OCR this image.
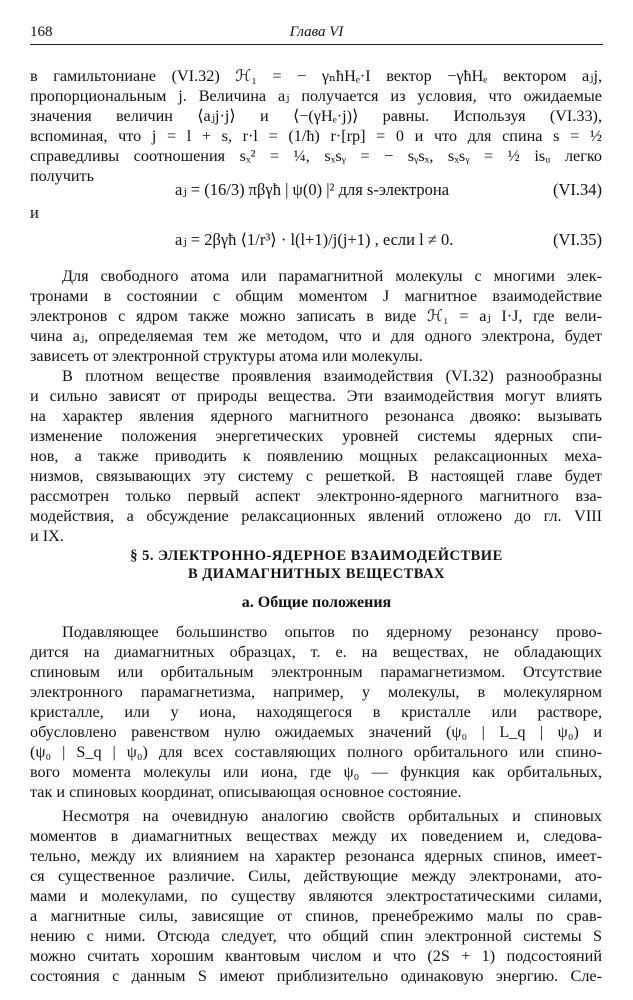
168	Глава VI
в гамильтониане (VI.32) ℋ₁ = − γₙħHₑ·I вектор −γħHₑ вектором aⱼj,
пропорциональным j. Величина aⱼ получается из условия, что ожидаемые
значения величин ⟨aⱼj·j⟩ и ⟨−(γHₑ·j)⟩ равны. Используя (VI.33),
вспоминая, что j = l + s, r·l = (1/ħ) r·[rp] = 0 и что для спина s = ½
справедливы соотношения sₓ² = ¼, sₓsᵧ = − sᵧsₓ, sₓsᵧ = ½ isᵤ легко
получить
aⱼ = (16/3) πβγħ | ψ(0) |² для s-электрона	(VI.34)
и
aⱼ = 2βγħ ⟨1/r³⟩ · l(l+1)/j(j+1) , если l ≠ 0.	(VI.35)
Для свободного атома или парамагнитной молекулы с многими элек-
тронами в состоянии с общим моментом J магнитное взаимодействие
электронов с ядром также можно записать в виде ℋ₁ = aⱼ I·J, где вели-
чина aⱼ, определяемая тем же методом, что и для одного электрона, будет
зависеть от электронной структуры атома или молекулы.
В плотном веществе проявления взаимодействия (VI.32) разнообразны
и сильно зависят от природы вещества. Эти взаимодействия могут влиять
на характер явления ядерного магнитного резонанса двояко: вызывать
изменение положения энергетических уровней системы ядерных спи-
нов, а также приводить к появлению мощных релаксационных меха-
низмов, связывающих эту систему с решеткой. В настоящей главе будет
рассмотрен только первый аспект электронно-ядерного магнитного вза-
модействия, а обсуждение релаксационных явлений отложено до гл. VIII
и IX.
§ 5. ЭЛЕКТРОННО-ЯДЕРНОЕ ВЗАИМОДЕЙСТВИЕ
В ДИАМАГНИТНЫХ ВЕЩЕСТВАХ
а. Общие положения
Подавляющее большинство опытов по ядерному резонансу прово-
дится на диамагнитных образцах, т. е. на веществах, не обладающих
спиновым или орбитальным электронным парамагнетизмом. Отсутствие
электронного парамагнетизма, например, у молекулы, в молекулярном
кристалле, или у иона, находящегося в кристалле или растворе,
обусловлено равенством нулю ожидаемых значений (ψ₀ | L_q | ψ₀) и
(ψ₀ | S_q | ψ₀) для всех составляющих полного орбитального или спино-
вого момента молекулы или иона, где ψ₀ — функция как орбитальных,
так и спиновых координат, описывающая основное состояние.
Несмотря на очевидную аналогию свойств орбитальных и спиновых
моментов в диамагнитных веществах между их поведением и, следова-
тельно, между их влиянием на характер резонанса ядерных спинов, имеет-
ся существенное различие. Силы, действующие между электронами, ато-
мами и молекулами, по существу являются электростатическими силами,
а магнитные силы, зависящие от спинов, пренебрежимо малы по срав-
нению с ними. Отсюда следует, что общий спин электронной системы S
можно считать хорошим квантовым числом и что (2S + 1) подсостояний
состояния с данным S имеют приблизительно одинаковую энергию. Сле-
